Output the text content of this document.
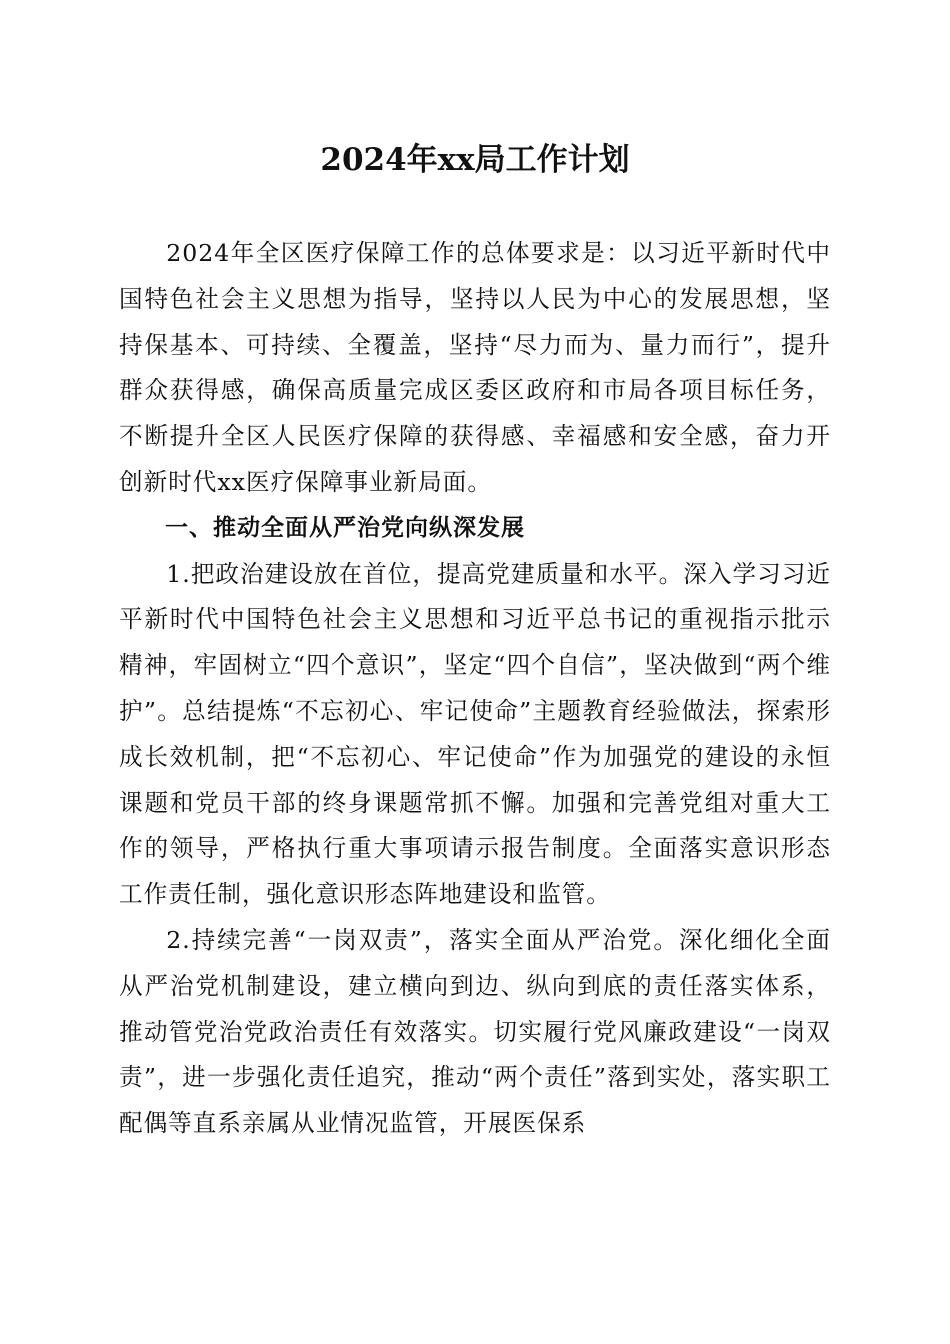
2024年xx局工作计划

2024年全区医疗保障工作的总体要求是：以习近平新时代中国特色社会主义思想为指导，坚持以人民为中心的发展思想，坚持保基本、可持续、全覆盖，坚持“尽力而为、量力而行”，提升群众获得感，确保高质量完成区委区政府和市局各项目标任务，不断提升全区人民医疗保障的获得感、幸福感和安全感，奋力开创新时代xx医疗保障事业新局面。

一、推动全面从严治党向纵深发展

1.把政治建设放在首位，提高党建质量和水平。深入学习习近平新时代中国特色社会主义思想和习近平总书记的重视指示批示精神，牢固树立“四个意识”，坚定“四个自信”，坚决做到“两个维护”。总结提炼“不忘初心、牢记使命”主题教育经验做法，探索形成长效机制，把“不忘初心、牢记使命”作为加强党的建设的永恒课题和党员干部的终身课题常抓不懈。加强和完善党组对重大工作的领导，严格执行重大事项请示报告制度。全面落实意识形态工作责任制，强化意识形态阵地建设和监管。

2.持续完善“一岗双责”，落实全面从严治党。深化细化全面从严治党机制建设，建立横向到边、纵向到底的责任落实体系，推动管党治党政治责任有效落实。切实履行党风廉政建设“一岗双责”，进一步强化责任追究，推动“两个责任”落到实处，落实职工配偶等直系亲属从业情况监管，开展医保系
